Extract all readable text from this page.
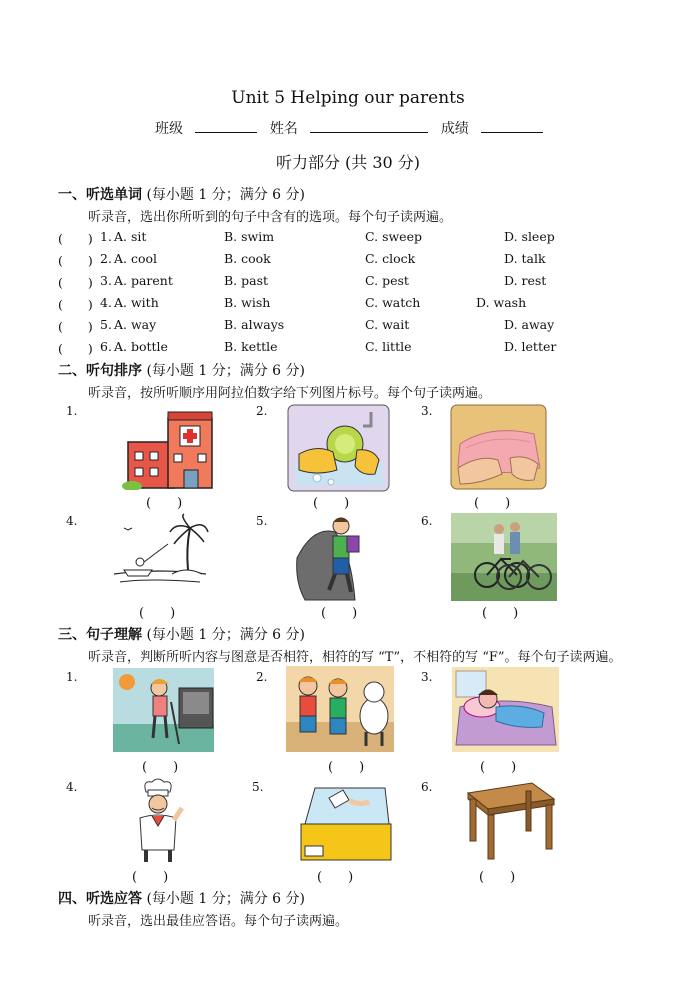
Unit 5 Helping our parents
班级	姓名	成绩
听力部分 (共 30 分)
一、听选单词 (每小题 1 分；满分 6 分)
听录音，选出你所听到的句子中含有的选项。每个句子读两遍。
(　　) 1. A. sit	B. swim	C. sweep	D. sleep
(　　) 2. A. cool	B. cook	C. clock	D. talk
(　　) 3. A. parent	B. past	C. pest	D. rest
(　　) 4. A. with	B. wish	C. watch	D. wash
(　　) 5. A. way	B. always	C. wait	D. away
(　　) 6. A. bottle	B. kettle	C. little	D. letter
二、听句排序 (每小题 1 分；满分 6 分)
听录音，按所听顺序用阿拉伯数字给下列图片标号。每个句子读两遍。
1.	2.	3.
(　　)	(　　)	(　　)
4.	5.	6.
(　　)	(　　)	(　　)
三、句子理解 (每小题 1 分；满分 6 分)
听录音，判断所听内容与图意是否相符，相符的写 “T”，不相符的写 “F”。每个句子读两遍。
1.	2.	3.
(　　)	(　　)	(　　)
4.	5.	6.
(　　)	(　　)	(　　)
四、听选应答 (每小题 1 分；满分 6 分)
听录音，选出最佳应答语。每个句子读两遍。
